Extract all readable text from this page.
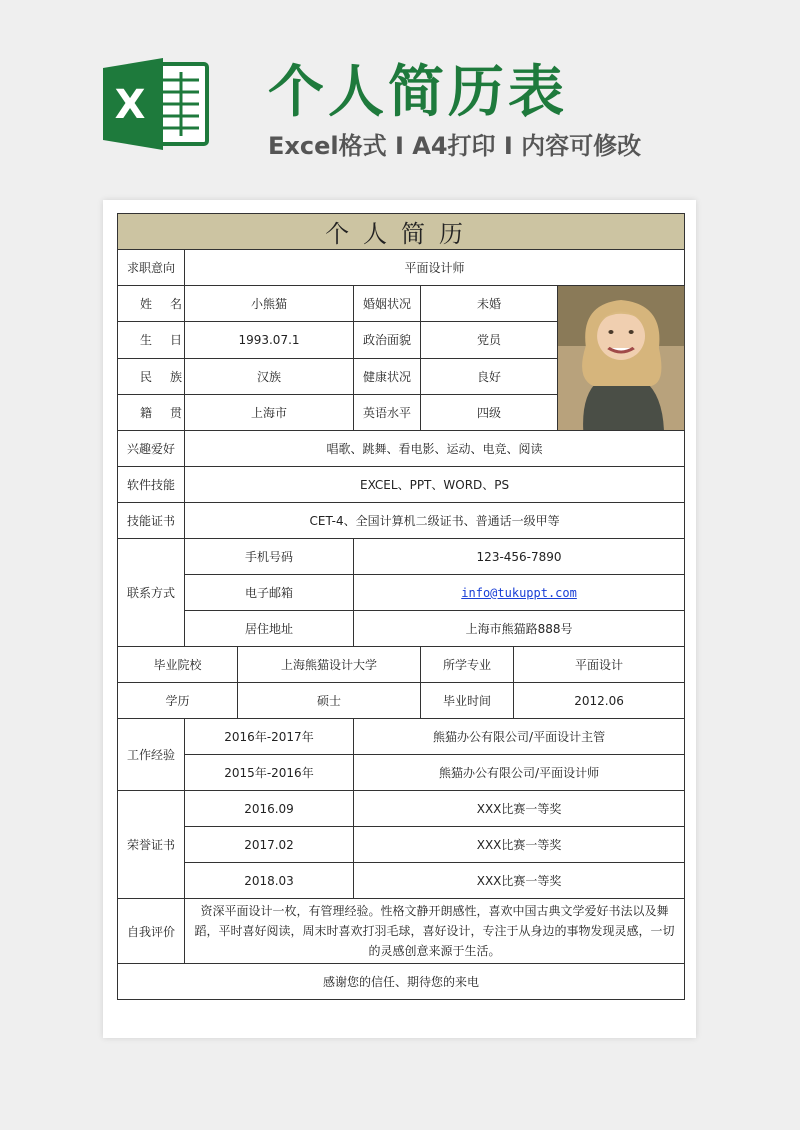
X 个人简历表

Excel格式 Ⅰ A4打印 Ⅰ 内容可修改

个人简历						
求职意向	平面设计师					
姓名	小熊猫		婚姻状况	未婚	

生日	1993.07.1		政治面貌	党员		
民族	汉族		健康状况	良好		
籍贯	上海市		英语水平	四级		
兴趣爱好	唱歌、跳舞、看电影、运动、电竞、阅读					
软件技能	EXCEL、PPT、WORD、PS					
技能证书	CET-4、全国计算机二级证书、普通话一级甲等					
联系方式	手机号码		123-456-7890			
	电子邮箱		info@tukuppt.com			
	居住地址		上海市熊猫路888号			
毕业院校		上海熊猫设计大学		所学专业	平面设计	
学历		硕士		毕业时间	2012.06	
工作经验	2016年-2017年		熊猫办公有限公司/平面设计主管			
	2015年-2016年		熊猫办公有限公司/平面设计师			
荣誉证书	2016.09		XXX比赛一等奖			
	2017.02		XXX比赛一等奖			
	2018.03		XXX比赛一等奖			
自我评价	资深平面设计一枚，有管理经验。性格文静开朗感性，喜欢中国古典文学爱好书法以及舞蹈，平时喜好阅读，周末时喜欢打羽毛球，喜好设计，专注于从身边的事物发现灵感，一切的灵感创意来源于生活。					
感谢您的信任、期待您的来电						
